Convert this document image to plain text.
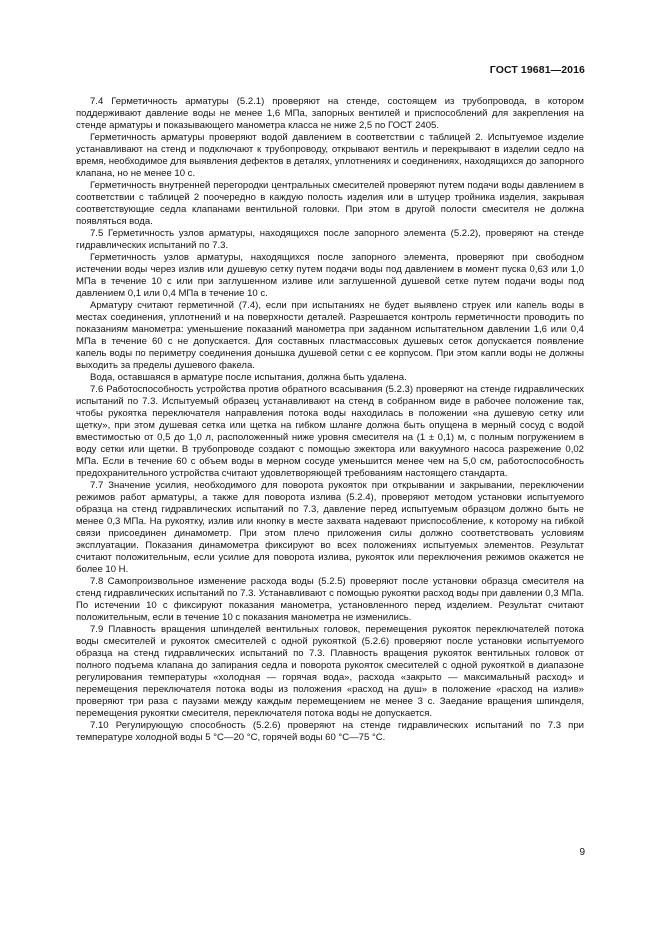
ГОСТ 19681—2016

7.4 Герметичность арматуры (5.2.1) проверяют на стенде, состоящем из трубопровода, в котором поддерживают давление воды не менее 1,6 МПа, запорных вентилей и приспособлений для закрепления на стенде арматуры и показывающего манометра класса не ниже 2,5 по ГОСТ 2405.

Герметичность арматуры проверяют водой давлением в соответствии с таблицей 2. Испытуемое изделие устанавливают на стенд и подключают к трубопроводу, открывают вентиль и перекрывают в изделии седло на время, необходимое для выявления дефектов в деталях, уплотнениях и соединениях, находящихся до запорного клапана, но не менее 10 с.

Герметичность внутренней перегородки центральных смесителей проверяют путем подачи воды давлением в соответствии с таблицей 2 поочередно в каждую полость изделия или в штуцер тройника изделия, закрывая соответствующие седла клапанами вентильной головки. При этом в другой полости смесителя не должна появляться вода.

7.5 Герметичность узлов арматуры, находящихся после запорного элемента (5.2.2), проверяют на стенде гидравлических испытаний по 7.3.

Герметичность узлов арматуры, находящихся после запорного элемента, проверяют при свободном истечении воды через излив или душевую сетку путем подачи воды под давлением в момент пуска 0,63 или 1,0 МПа в течение 10 с или при заглушенном изливе или заглушенной душевой сетке путем подачи воды под давлением 0,1 или 0,4 МПа в течение 10 с.

Арматуру считают герметичной (7.4), если при испытаниях не будет выявлено струек или капель воды в местах соединения, уплотнений и на поверхности деталей. Разрешается контроль герметичности проводить по показаниям манометра: уменьшение показаний манометра при заданном испытательном давлении 1,6 или 0,4 МПа в течение 60 с не допускается. Для составных пластмассовых душевых сеток допускается появление капель воды по периметру соединения донышка душевой сетки с ее корпусом. При этом капли воды не должны выходить за пределы душевого факела.

Вода, оставшаяся в арматуре после испытания, должна быть удалена.

7.6 Работоспособность устройства против обратного всасывания (5.2.3) проверяют на стенде гидравлических испытаний по 7.3. Испытуемый образец устанавливают на стенд в собранном виде в рабочее положение так, чтобы рукоятка переключателя направления потока воды находилась в положении «на душевую сетку или щетку», при этом душевая сетка или щетка на гибком шланге должна быть опущена в мерный сосуд с водой вместимостью от 0,5 до 1,0 л, расположенный ниже уровня смесителя на (1 ± 0,1) м, с полным погружением в воду сетки или щетки. В трубопроводе создают с помощью эжектора или вакуумного насоса разрежение 0,02 МПа. Если в течение 60 с объем воды в мерном сосуде уменьшится менее чем на 5,0 см, работоспособность предохранительного устройства считают удовлетворяющей требованиям настоящего стандарта.

7.7 Значение усилия, необходимого для поворота рукояток при открывании и закрывании, переключении режимов работ арматуры, а также для поворота излива (5.2.4), проверяют методом установки испытуемого образца на стенд гидравлических испытаний по 7.3, давление перед испытуемым образцом должно быть не менее 0,3 МПа. На рукоятку, излив или кнопку в месте захвата надевают приспособление, к которому на гибкой связи присоединен динамометр. При этом плечо приложения силы должно соответствовать условиям эксплуатации. Показания динамометра фиксируют во всех положениях испытуемых элементов. Результат считают положительным, если усилие для поворота излива, рукояток или переключения режимов окажется не более 10 Н.

7.8 Самопроизвольное изменение расхода воды (5.2.5) проверяют после установки образца смесителя на стенд гидравлических испытаний по 7.3. Устанавливают с помощью рукоятки расход воды при давлении 0,3 МПа. По истечении 10 с фиксируют показания манометра, установленного перед изделием. Результат считают положительным, если в течение 10 с показания манометра не изменились.

7.9 Плавность вращения шпинделей вентильных головок, перемещения рукояток переключателей потока воды смесителей и рукояток смесителей с одной рукояткой (5.2.6) проверяют после установки испытуемого образца на стенд гидравлических испытаний по 7.3. Плавность вращения рукояток вентильных головок от полного подъема клапана до запирания седла и поворота рукояток смесителей с одной рукояткой в диапазоне регулирования температуры «холодная — горячая вода», расхода «закрыто — максимальный расход» и перемещения переключателя потока воды из положения «расход на душ» в положение «расход на излив» проверяют три раза с паузами между каждым перемещением не менее 3 с. Заедание вращения шпинделя, перемещения рукоятки смесителя, переключателя потока воды не допускается.

7.10 Регулирующую способность (5.2.6) проверяют на стенде гидравлических испытаний по 7.3 при температуре холодной воды 5 °С—20 °С, горячей воды 60 °С—75 °С.

9
